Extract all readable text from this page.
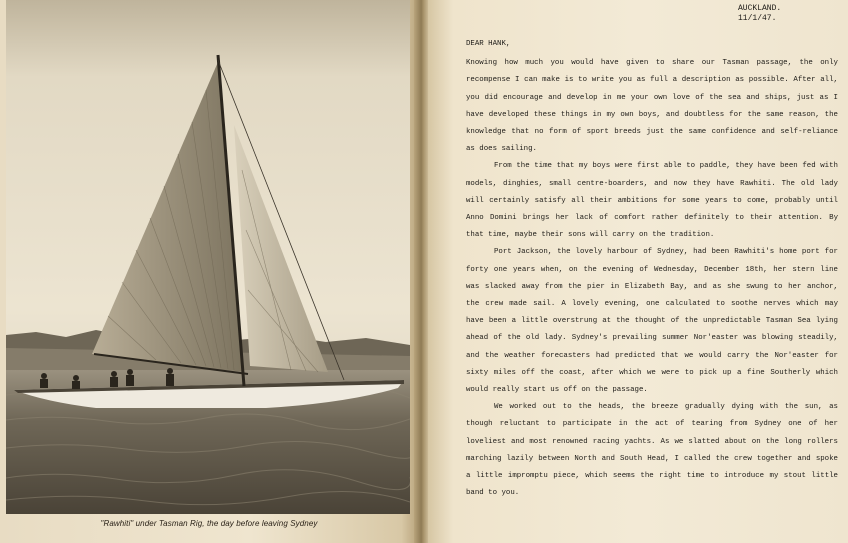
"Rawhiti" under Tasman Rig, the day before leaving Sydney
AUCKLAND.
11/1/47.

DEAR HANK,

Knowing how much you would have given to share our Tasman passage, the only recompense I can make is to write you as full a description as possible. After all, you did encourage and develop in me your own love of the sea and ships, just as I have developed these things in my own boys, and doubtless for the same reason, the knowledge that no form of sport breeds just the same confidence and self-reliance as does sailing.

From the time that my boys were first able to paddle, they have been fed with models, dinghies, small centre-boarders, and now they have Rawhiti. The old lady will certainly satisfy all their ambitions for some years to come, probably until Anno Domini brings her lack of comfort rather definitely to their attention. By that time, maybe their sons will carry on the tradition.

Port Jackson, the lovely harbour of Sydney, had been Rawhiti's home port for forty one years when, on the evening of Wednesday, December 18th, her stern line was slacked away from the pier in Elizabeth Bay, and as she swung to her anchor, the crew made sail. A lovely evening, one calculated to soothe nerves which may have been a little overstrung at the thought of the unpredictable Tasman Sea lying ahead of the old lady. Sydney's prevailing summer Nor'easter was blowing steadily, and the weather forecasters had predicted that we would carry the Nor'easter for sixty miles off the coast, after which we were to pick up a fine Southerly which would really start us off on the passage.

We worked out to the heads, the breeze gradually dying with the sun, as though reluctant to participate in the act of tearing from Sydney one of her loveliest and most renowned racing yachts. As we slatted about on the long rollers marching lazily between North and South Head, I called the crew together and spoke a little impromptu piece, which seems the right time to introduce my stout little band to you.
